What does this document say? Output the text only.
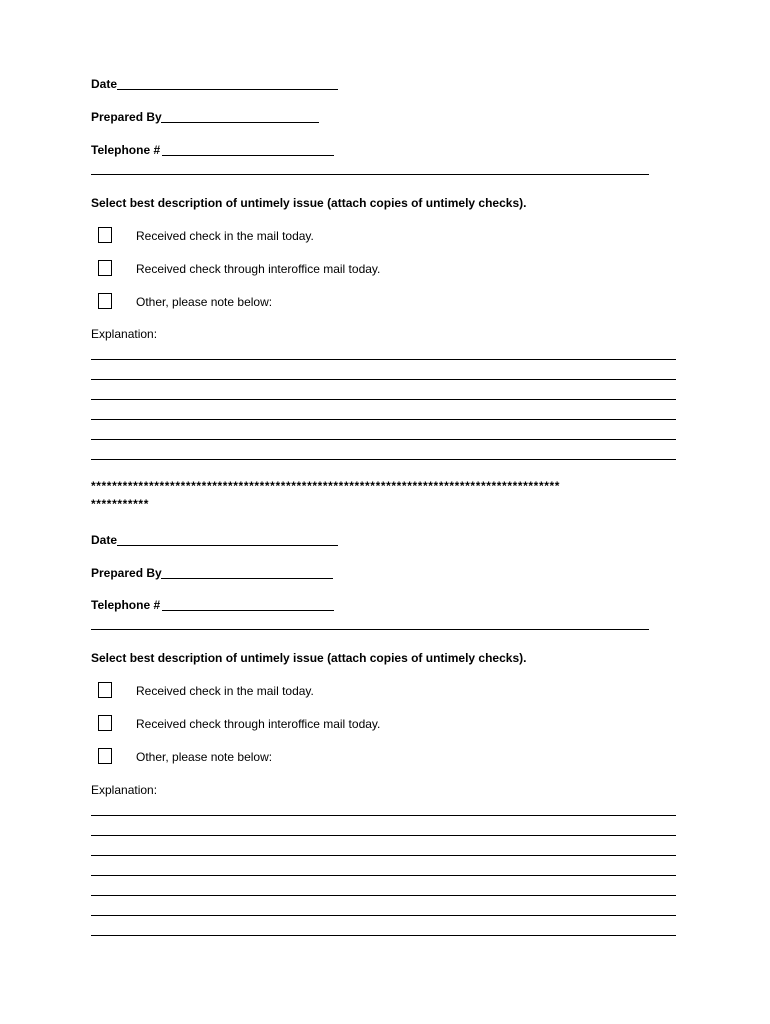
Date
Prepared By
Telephone #
Select best description of untimely issue (attach copies of untimely checks).
Received check in the mail today.
Received check through interoffice mail today.
Other, please note below:
Explanation:
*****************************************************************************************
***********
Date
Prepared By
Telephone #
Select best description of untimely issue (attach copies of untimely checks).
Received check in the mail today.
Received check through interoffice mail today.
Other, please note below:
Explanation:
